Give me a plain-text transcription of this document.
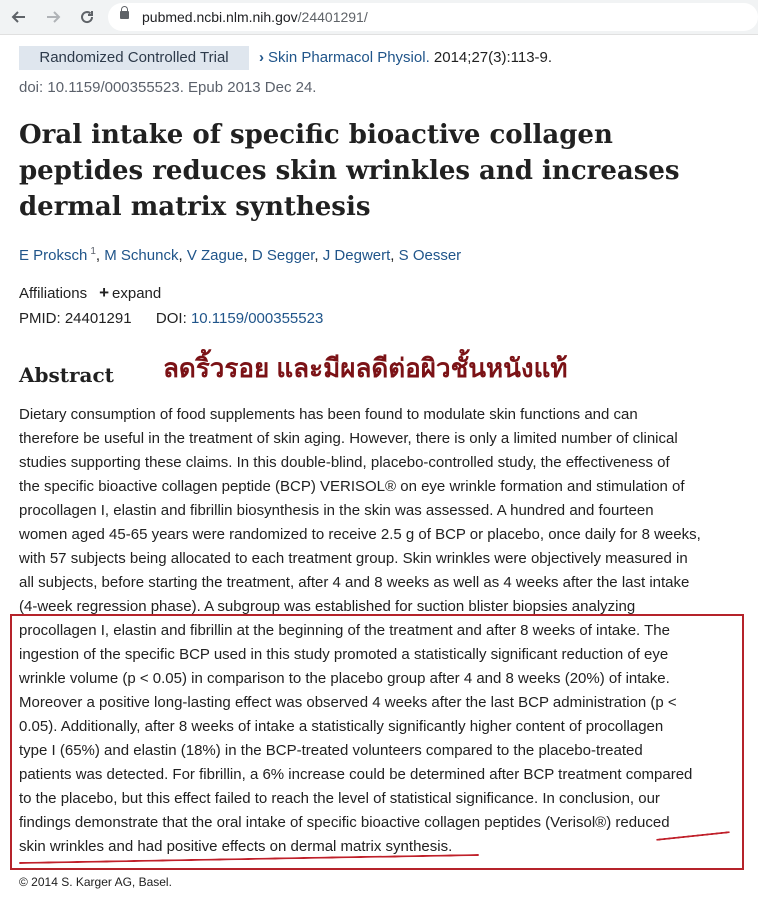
pubmed.ncbi.nlm.nih.gov/24401291/
Randomized Controlled Trial	› Skin Pharmacol Physiol. 2014;27(3):113-9.
doi: 10.1159/000355523. Epub 2013 Dec 24.
Oral intake of specific bioactive collagen peptides reduces skin wrinkles and increases dermal matrix synthesis
E Proksch $^1$, M Schunck, V Zague, D Segger, J Degwert, S Oesser
Affiliations + expand
PMID: 24401291 DOI: 10.1159/000355523
Abstract ลดริ้วรอย และมีผลดีต่อผิวชั้นหนังแท้
Dietary consumption of food supplements has been found to modulate skin functions and can
therefore be useful in the treatment of skin aging. However, there is only a limited number of clinical
studies supporting these claims. In this double-blind, placebo-controlled study, the effectiveness of
the specific bioactive collagen peptide (BCP) VERISOL® on eye wrinkle formation and stimulation of
procollagen I, elastin and fibrillin biosynthesis in the skin was assessed. A hundred and fourteen
women aged 45-65 years were randomized to receive 2.5 g of BCP or placebo, once daily for 8 weeks,
with 57 subjects being allocated to each treatment group. Skin wrinkles were objectively measured in
all subjects, before starting the treatment, after 4 and 8 weeks as well as 4 weeks after the last intake
(4-week regression phase). A subgroup was established for suction blister biopsies analyzing
procollagen I, elastin and fibrillin at the beginning of the treatment and after 8 weeks of intake. The
ingestion of the specific BCP used in this study promoted a statistically significant reduction of eye
wrinkle volume (p < 0.05) in comparison to the placebo group after 4 and 8 weeks (20%) of intake.
Moreover a positive long-lasting effect was observed 4 weeks after the last BCP administration (p <
0.05). Additionally, after 8 weeks of intake a statistically significantly higher content of procollagen
type I (65%) and elastin (18%) in the BCP-treated volunteers compared to the placebo-treated
patients was detected. For fibrillin, a 6% increase could be determined after BCP treatment compared
to the placebo, but this effect failed to reach the level of statistical significance. In conclusion, our
findings demonstrate that the oral intake of specific bioactive collagen peptides (Verisol®) reduced
skin wrinkles and had positive effects on dermal matrix synthesis.
© 2014 S. Karger AG, Basel.
